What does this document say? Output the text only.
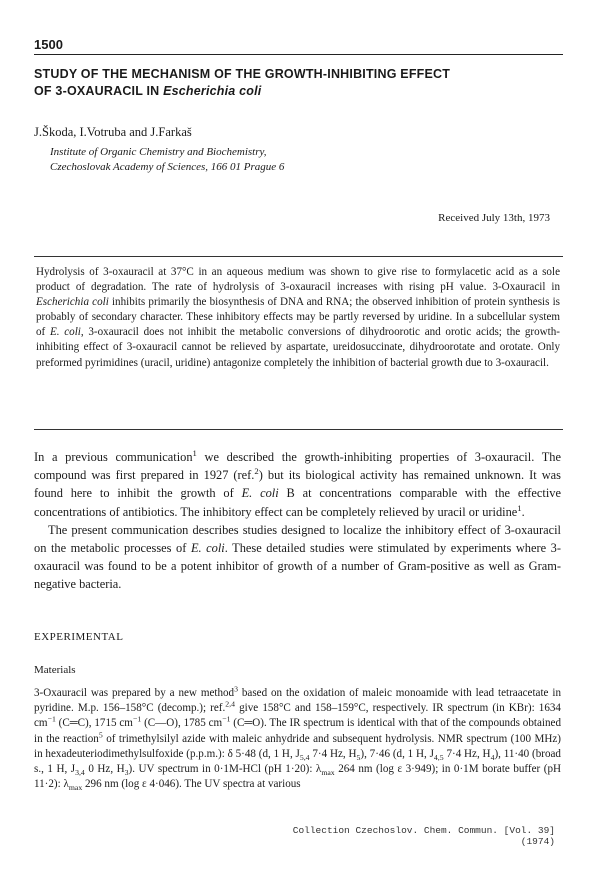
1500
STUDY OF THE MECHANISM OF THE GROWTH-INHIBITING EFFECT
OF 3-OXAURACIL IN Escherichia coli
J.Škoda, I.Votruba and J.Farkaš
Institute of Organic Chemistry and Biochemistry,
Czechoslovak Academy of Sciences, 166 01 Prague 6
Received July 13th, 1973
Hydrolysis of 3-oxauracil at 37°C in an aqueous medium was shown to give rise to formylacetic acid as a sole product of degradation. The rate of hydrolysis of 3-oxauracil increases with rising pH value. 3-Oxauracil in Escherichia coli inhibits primarily the biosynthesis of DNA and RNA; the observed inhibition of protein synthesis is probably of secondary character. These inhibitory effects may be partly reversed by uridine. In a subcellular system of E. coli, 3-oxauracil does not inhibit the metabolic conversions of dihydroorotic and orotic acids; the growth-inhibiting effect of 3-oxauracil cannot be relieved by aspartate, ureidosuccinate, dihydroorotate and orotate. Only preformed pyrimidines (uracil, uridine) antagonize completely the inhibition of bacterial growth due to 3-oxauracil.

In a previous communication$^1$ we described the growth-inhibiting properties of 3-oxauracil. The compound was first prepared in 1927 (ref.$^2$) but its biological activity has remained unknown. It was found here to inhibit the growth of E. coli B at concentrations comparable with the effective concentrations of antibiotics. The inhibitory effect can be completely relieved by uracil or uridine$^1$.

The present communication describes studies designed to localize the inhibitory effect of 3-oxauracil on the metabolic processes of E. coli. These detailed studies were stimulated by experiments where 3-oxauracil was found to be a potent inhibitor of growth of a number of Gram-positive as well as Gram-negative bacteria.

EXPERIMENTAL
Materials
3-Oxauracil was prepared by a new method$^3$ based on the oxidation of maleic monoamide with lead tetraacetate in pyridine. M.p. 156–158°C (decomp.); ref.$^{2,4}$ give 158°C and 158–159°C, respectively. IR spectrum (in KBr): 1634 $cm^{-1}$ (C═C), 1715 $cm^{-1}$ (C—O), 1785 $cm^{-1}$ (C═O). The IR spectrum is identical with that of the compounds obtained in the reaction$^5$ of trimethylsilyl azide with maleic anhydride and subsequent hydrolysis. NMR spectrum (100 MHz) in hexadeuteriodimethylsulfoxide (p.p.m.): δ 5·48 (d, 1 H, $J_{5,4}$ 7·4 Hz, $H_5$), 7·46 (d, 1 H, $J_{4,5}$ 7·4 Hz, $H_4$), 11·40 (broad s., 1 H, $J_{3,4}$ 0 Hz, $H_3$). UV spectrum in 0·1M-HCl (pH 1·20): $\lambda_{max}$ 264 nm (log ε 3·949); in 0·1M borate buffer (pH 11·2): $\lambda_{max}$ 296 nm (log ε 4·046). The UV spectra at various
Collection Czechoslov. Chem. Commun. [Vol. 39] (1974)
